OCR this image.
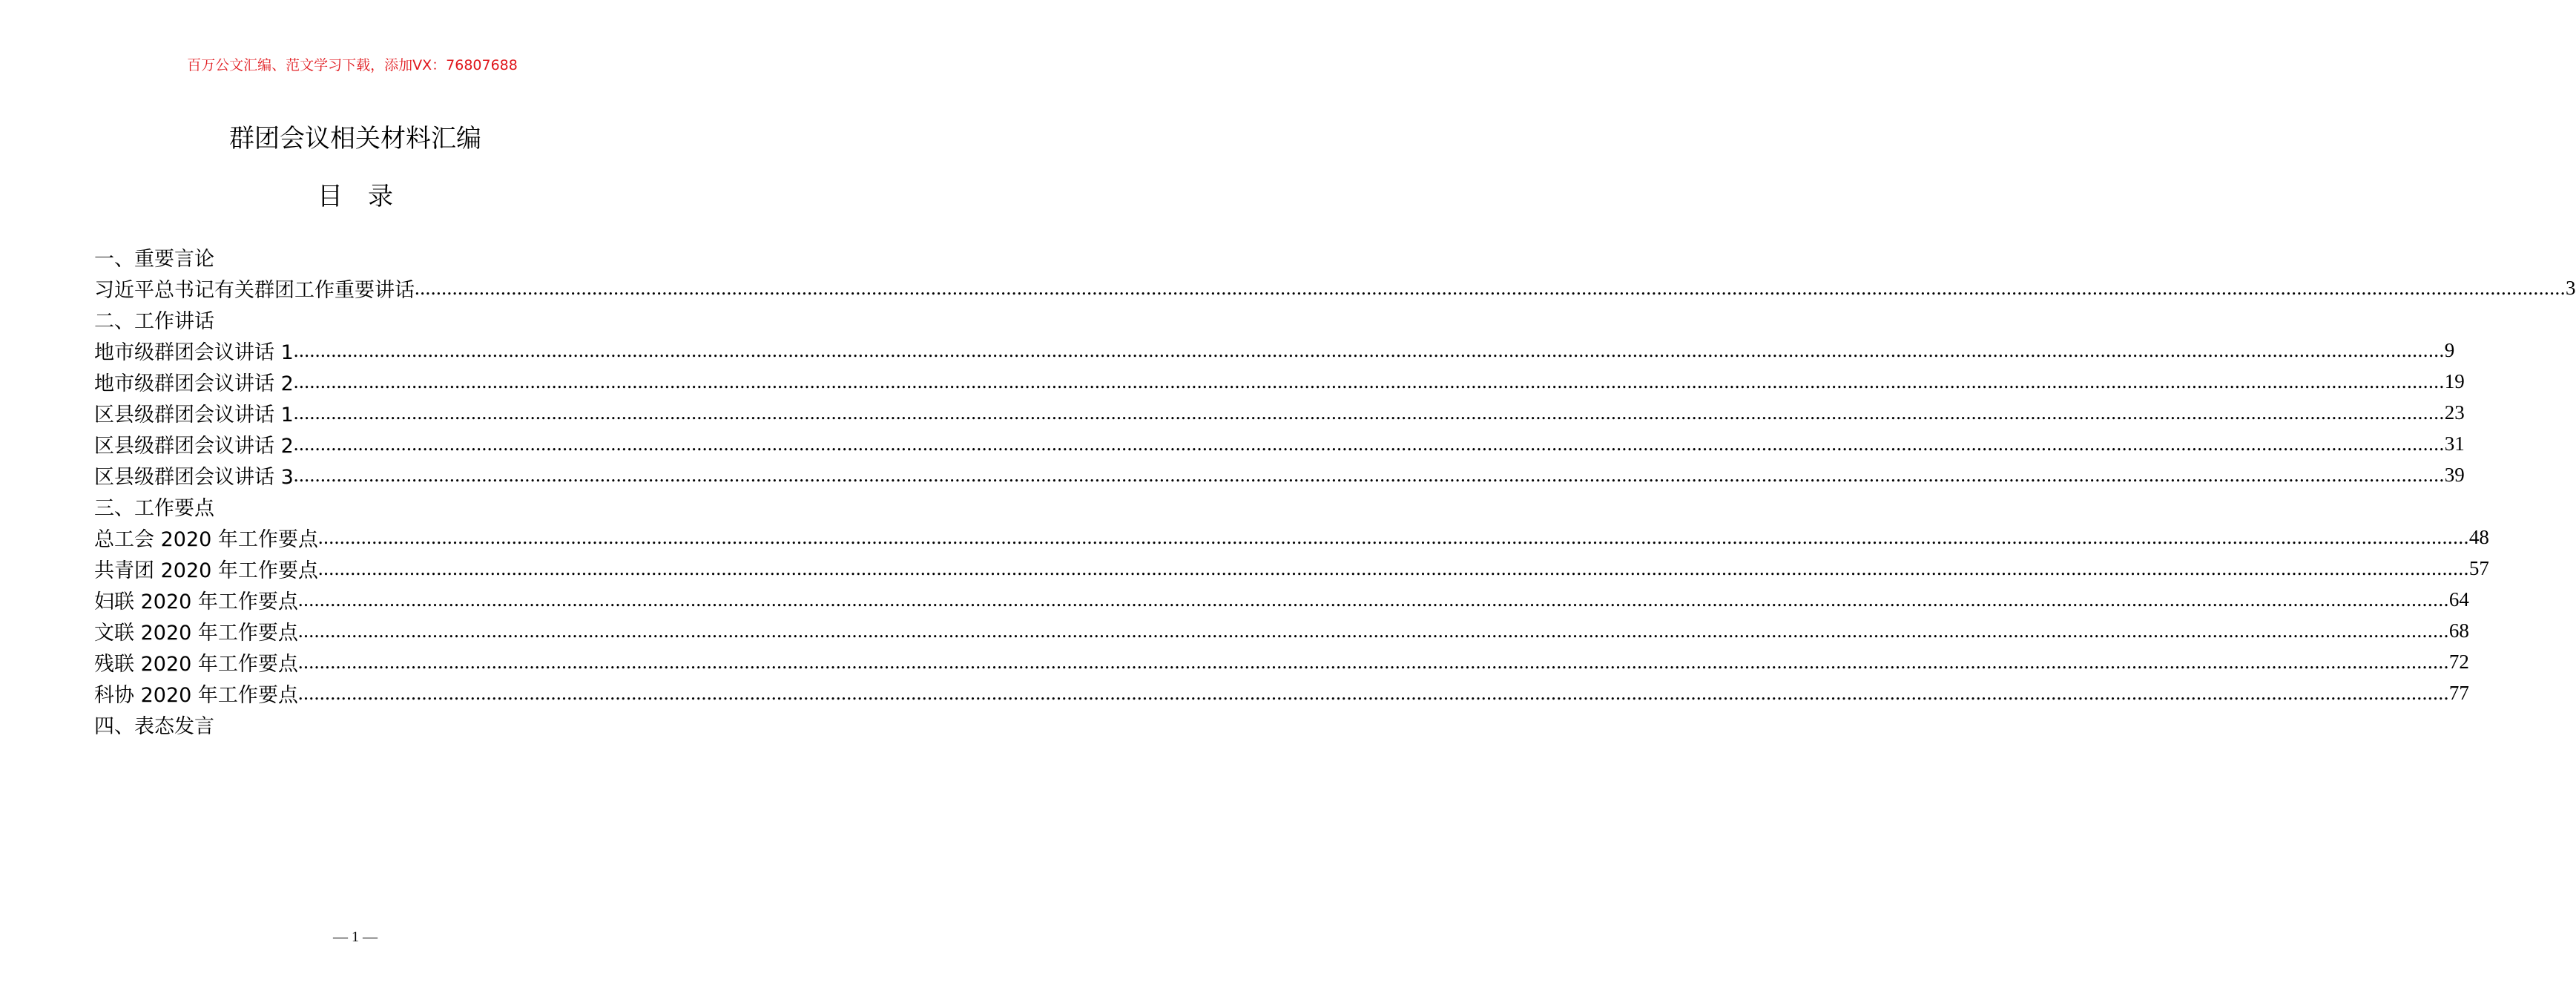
百万公文汇编、范文学习下载，添加VX：76807688
群团会议相关材料汇编
目录
一、重要言论
习近平总书记有关群团工作重要讲话 ................................................................................................................................................................................................................................................................................................................................................................................................................ 3
二、工作讲话
地市级群团会议讲话 1 ................................................................................................................................................................................................................................................................................................................................................................................................................ 9
地市级群团会议讲话 2 ................................................................................................................................................................................................................................................................................................................................................................................................................ 19
区县级群团会议讲话 1 ................................................................................................................................................................................................................................................................................................................................................................................................................ 23
区县级群团会议讲话 2 ................................................................................................................................................................................................................................................................................................................................................................................................................ 31
区县级群团会议讲话 3 ................................................................................................................................................................................................................................................................................................................................................................................................................ 39
三、工作要点
总工会 2020 年工作要点 ................................................................................................................................................................................................................................................................................................................................................................................................................ 48
共青团 2020 年工作要点 ................................................................................................................................................................................................................................................................................................................................................................................................................ 57
妇联 2020 年工作要点 ................................................................................................................................................................................................................................................................................................................................................................................................................ 64
文联 2020 年工作要点 ................................................................................................................................................................................................................................................................................................................................................................................................................ 68
残联 2020 年工作要点 ................................................................................................................................................................................................................................................................................................................................................................................................................ 72
科协 2020 年工作要点 ................................................................................................................................................................................................................................................................................................................................................................................................................ 77
四、表态发言
— 1 —
